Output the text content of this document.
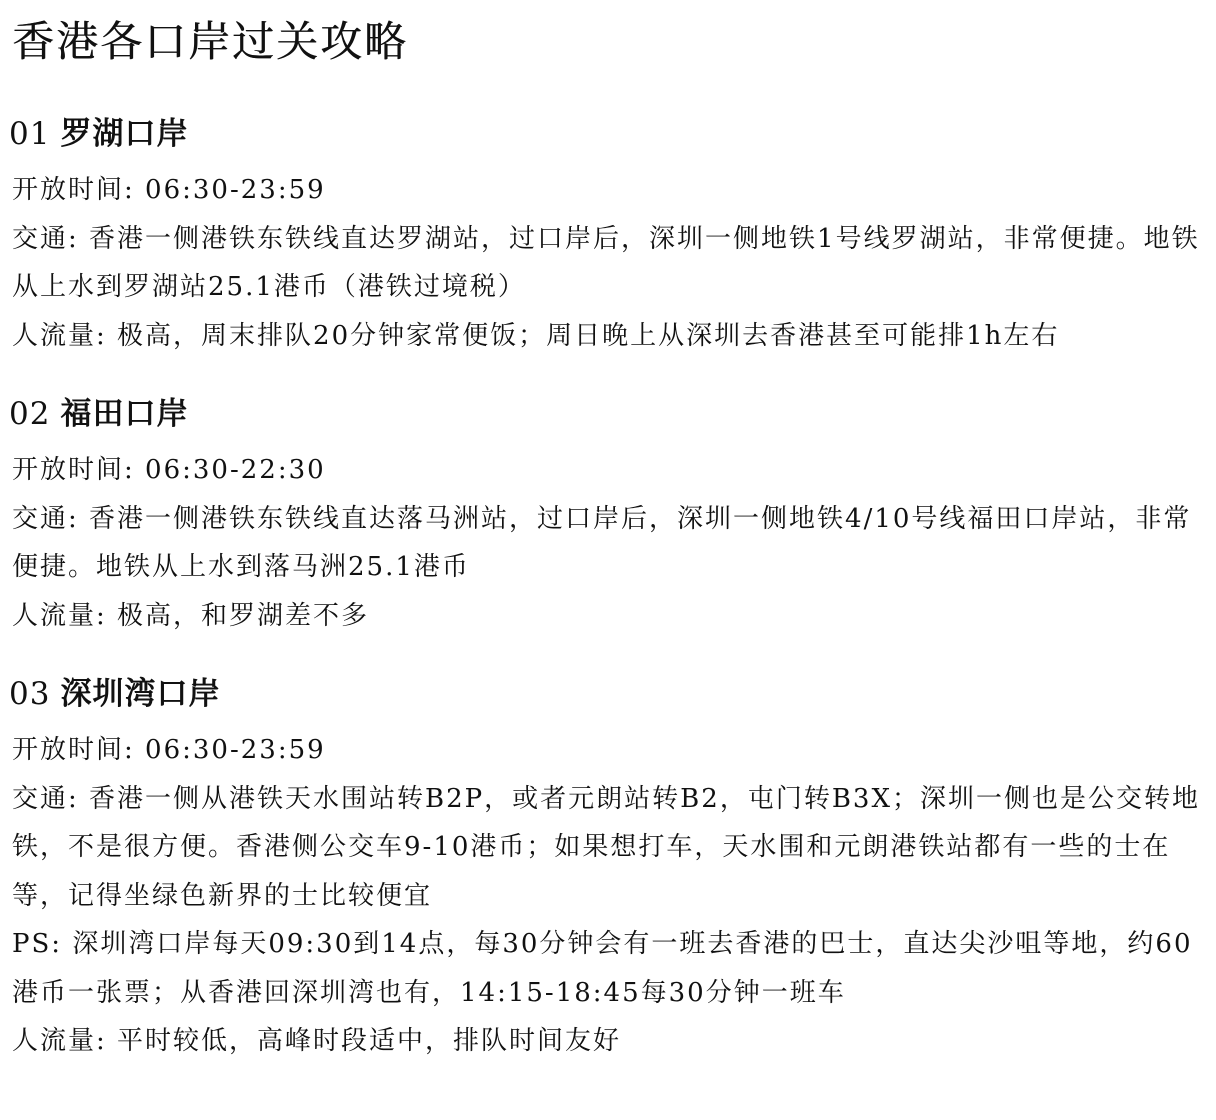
香港各口岸过关攻略
01 罗湖口岸

开放时间: 06:30-23:59

交通: 香港一侧港铁东铁线直达罗湖站，过口岸后，深圳一侧地铁1号线罗湖站，非常便捷。地铁从上水到罗湖站25.1港币（港铁过境税）

人流量: 极高，周末排队20分钟家常便饭；周日晚上从深圳去香港甚至可能排1h左右

02 福田口岸

开放时间: 06:30-22:30

交通: 香港一侧港铁东铁线直达落马洲站，过口岸后，深圳一侧地铁4/10号线福田口岸站，非常便捷。地铁从上水到落马洲25.1港币

人流量: 极高，和罗湖差不多

03 深圳湾口岸

开放时间: 06:30-23:59

交通: 香港一侧从港铁天水围站转B2P，或者元朗站转B2，屯门转B3X；深圳一侧也是公交转地铁，不是很方便。香港侧公交车9-10港币；如果想打车，天水围和元朗港铁站都有一些的士在等，记得坐绿色新界的士比较便宜

PS: 深圳湾口岸每天09:30到14点，每30分钟会有一班去香港的巴士，直达尖沙咀等地，约60港币一张票；从香港回深圳湾也有，14:15-18:45每30分钟一班车

人流量: 平时较低，高峰时段适中，排队时间友好
